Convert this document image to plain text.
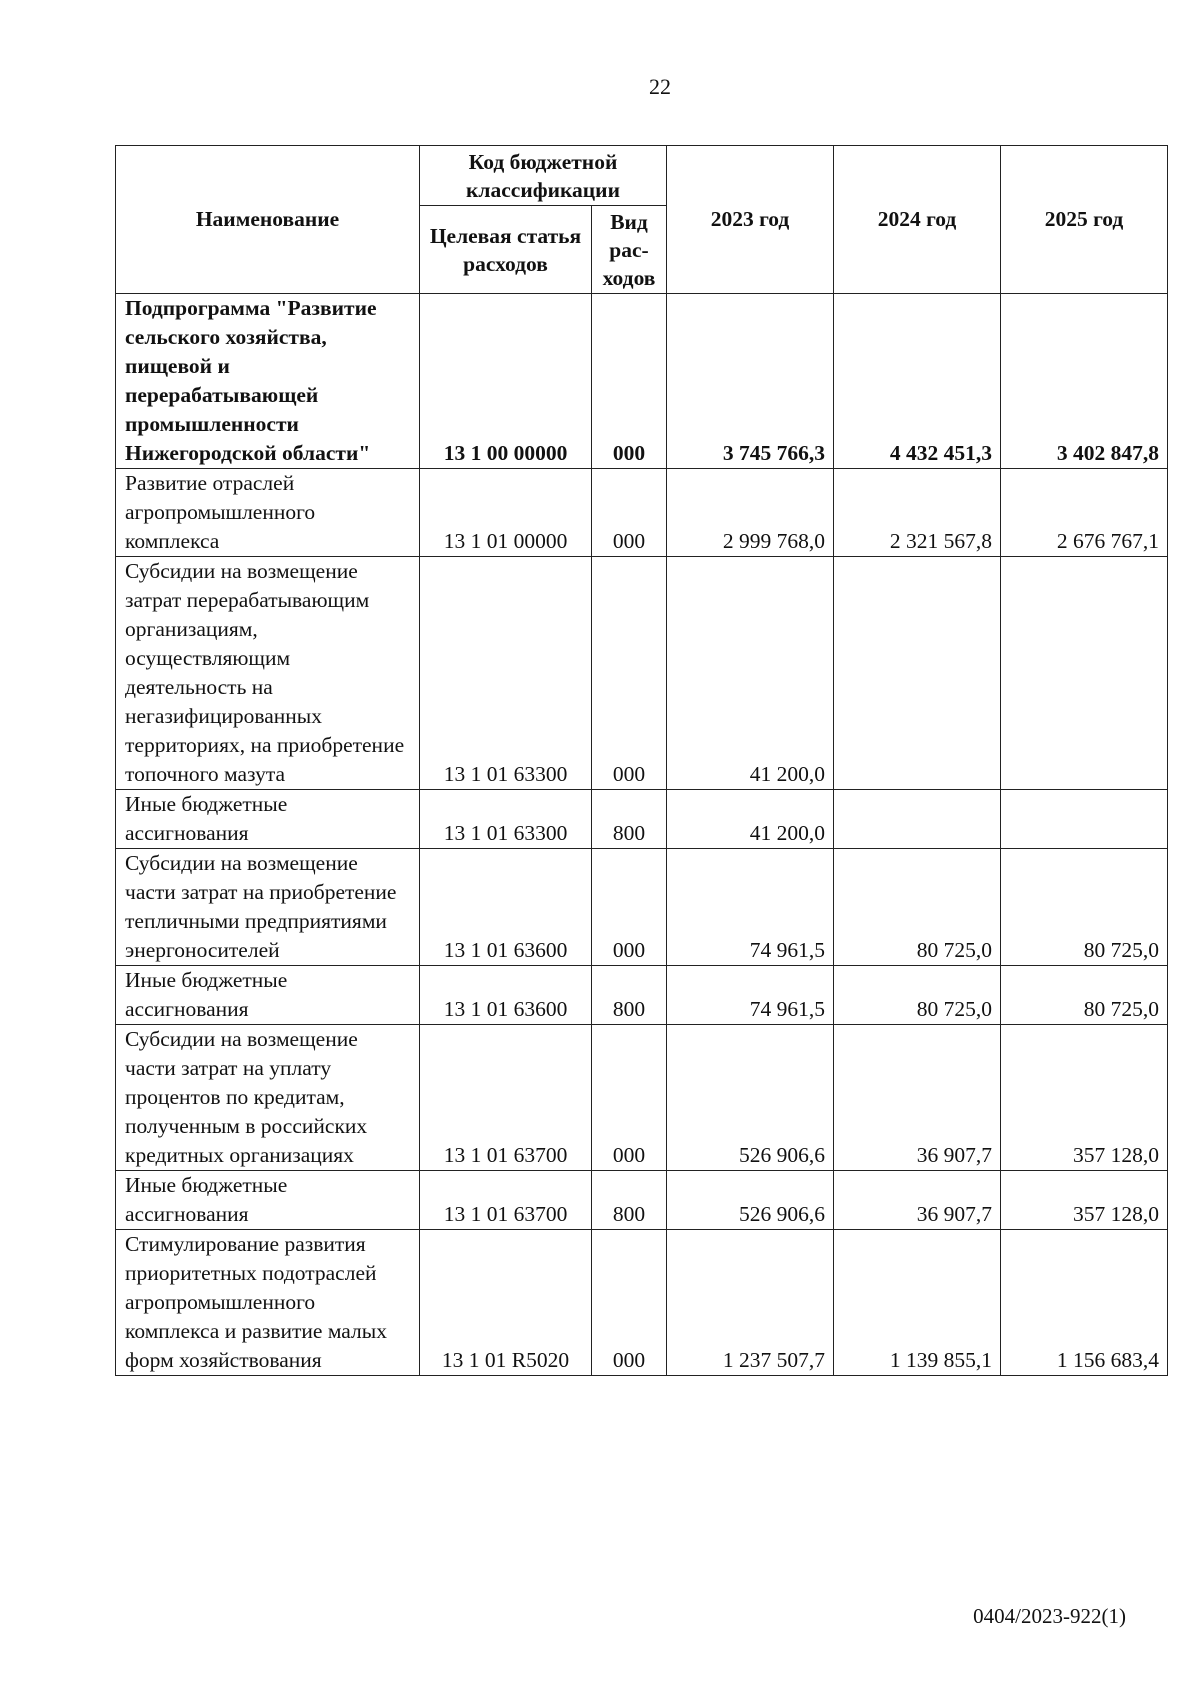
22
Наименование	Код бюджетной классификации		2023 год	2024 год	2025 год
	Целевая статья расходов	Вид рас-ходов			
Подпрограмма "Развитие сельского хозяйства, пищевой и перерабатывающей промышленности Нижегородской области"	13 1 00 00000	000	3 745 766,3	4 432 451,3	3 402 847,8
Развитие отраслей агропромышленного комплекса	13 1 01 00000	000	2 999 768,0	2 321 567,8	2 676 767,1
Субсидии на возмещение затрат перерабатывающим организациям, осуществляющим деятельность на негазифицированных территориях, на приобретение топочного мазута	13 1 01 63300	000	41 200,0		
Иные бюджетные ассигнования	13 1 01 63300	800	41 200,0		
Субсидии на возмещение части затрат на приобретение тепличными предприятиями энергоносителей	13 1 01 63600	000	74 961,5	80 725,0	80 725,0
Иные бюджетные ассигнования	13 1 01 63600	800	74 961,5	80 725,0	80 725,0
Субсидии на возмещение части затрат на уплату процентов по кредитам, полученным в российских кредитных организациях	13 1 01 63700	000	526 906,6	36 907,7	357 128,0
Иные бюджетные ассигнования	13 1 01 63700	800	526 906,6	36 907,7	357 128,0
Стимулирование развития приоритетных подотраслей агропромышленного комплекса и развитие малых форм хозяйствования	13 1 01 R5020	000	1 237 507,7	1 139 855,1	1 156 683,4
0404/2023-922(1)
